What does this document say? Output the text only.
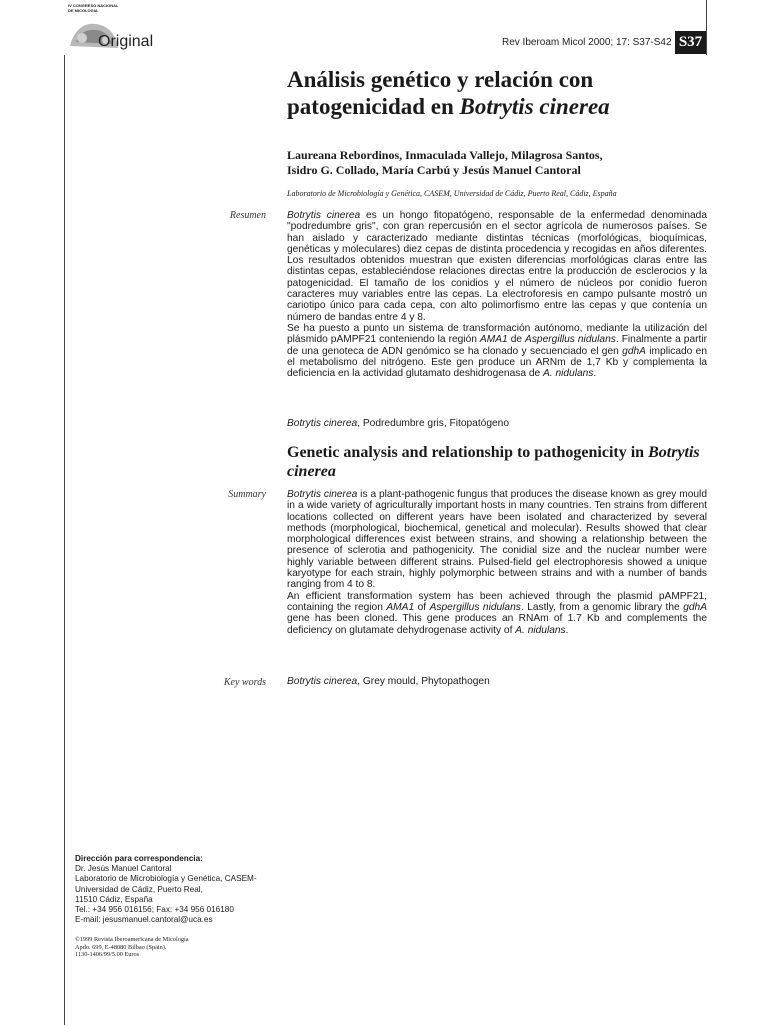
IV CONGRESO NACIONAL
DE MICOLOGIA
Original	Rev Iberoam Micol 2000; 17: S37-S42 S37
Análisis genético y relación con patogenicidad en Botrytis cinerea
Laureana Rebordinos, Inmaculada Vallejo, Milagrosa Santos,
Isidro G. Collado, María Carbú y Jesús Manuel Cantoral
Laboratorio de Microbiología y Genética, CASEM, Universidad de Cádiz, Puerto Real, Cádiz, España
Resumen Botrytis cinerea es un hongo fitopatógeno, responsable de la enfermedad denominada "podredumbre gris", con gran repercusión en el sector agrícola de numerosos países. Se han aislado y caracterizado mediante distintas técnicas (morfológicas, bioquímicas, genéticas y moleculares) diez cepas de distinta procedencia y recogidas en años diferentes. Los resultados obtenidos muestran que existen diferencias morfológicas claras entre las distintas cepas, estableciéndose relaciones directas entre la producción de esclerocios y la patogenicidad. El tamaño de los conidios y el número de núcleos por conidio fueron caracteres muy variables entre las cepas. La electroforesis en campo pulsante mostró un cariotipo único para cada cepa, con alto polimorfismo entre las cepas y que contenía un número de bandas entre 4 y 8.

Se ha puesto a punto un sistema de transformación autónomo, mediante la utilización del plásmido pAMPF21 conteniendo la región AMA1 de Aspergillus nidulans. Finalmente a partir de una genoteca de ADN genómico se ha clonado y secuenciado el gen gdhA implicado en el metabolismo del nitrógeno. Este gen produce un ARNm de 1,7 Kb y complementa la deficiencia en la actividad glutamato deshidrogenasa de A. nidulans.

Botrytis cinerea, Podredumbre gris, Fitopatógeno
Genetic analysis and relationship to pathogenicity in Botrytis cinerea
Summary Botrytis cinerea is a plant-pathogenic fungus that produces the disease known as grey mould in a wide variety of agriculturally important hosts in many countries. Ten strains from different locations collected on different years have been isolated and characterized by several methods (morphological, biochemical, genetical and molecular). Results showed that clear morphological differences exist between strains, and showing a relationship between the presence of sclerotia and pathogenicity. The conidial size and the nuclear number were highly variable between different strains. Pulsed-field gel electrophoresis showed a unique karyotype for each strain, highly polymorphic between strains and with a number of bands ranging from 4 to 8.

An efficient transformation system has been achieved through the plasmid pAMPF21, containing the region AMA1 of Aspergillus nidulans. Lastly, from a genomic library the gdhA gene has been cloned. This gene produces an RNAm of 1.7 Kb and complements the deficiency on glutamate dehydrogenase activity of A. nidulans.

Key words Botrytis cinerea, Grey mould, Phytopathogen
Dirección para correspondencia:
Dr. Jesús Manuel Cantoral
Laboratorio de Microbiología y Genética, CASEM-
Universidad de Cádiz, Puerto Real,
11510 Cádiz, España
Tel.: +34 956 016156; Fax: +34 956 016180
E-mail: jesusmanuel.cantoral@uca.es
©1999 Revista Iberoamericana de Micología
Apdo. 699, E-48080 Bilbao (Spain).
1130-1406/99/5.00 Euros
